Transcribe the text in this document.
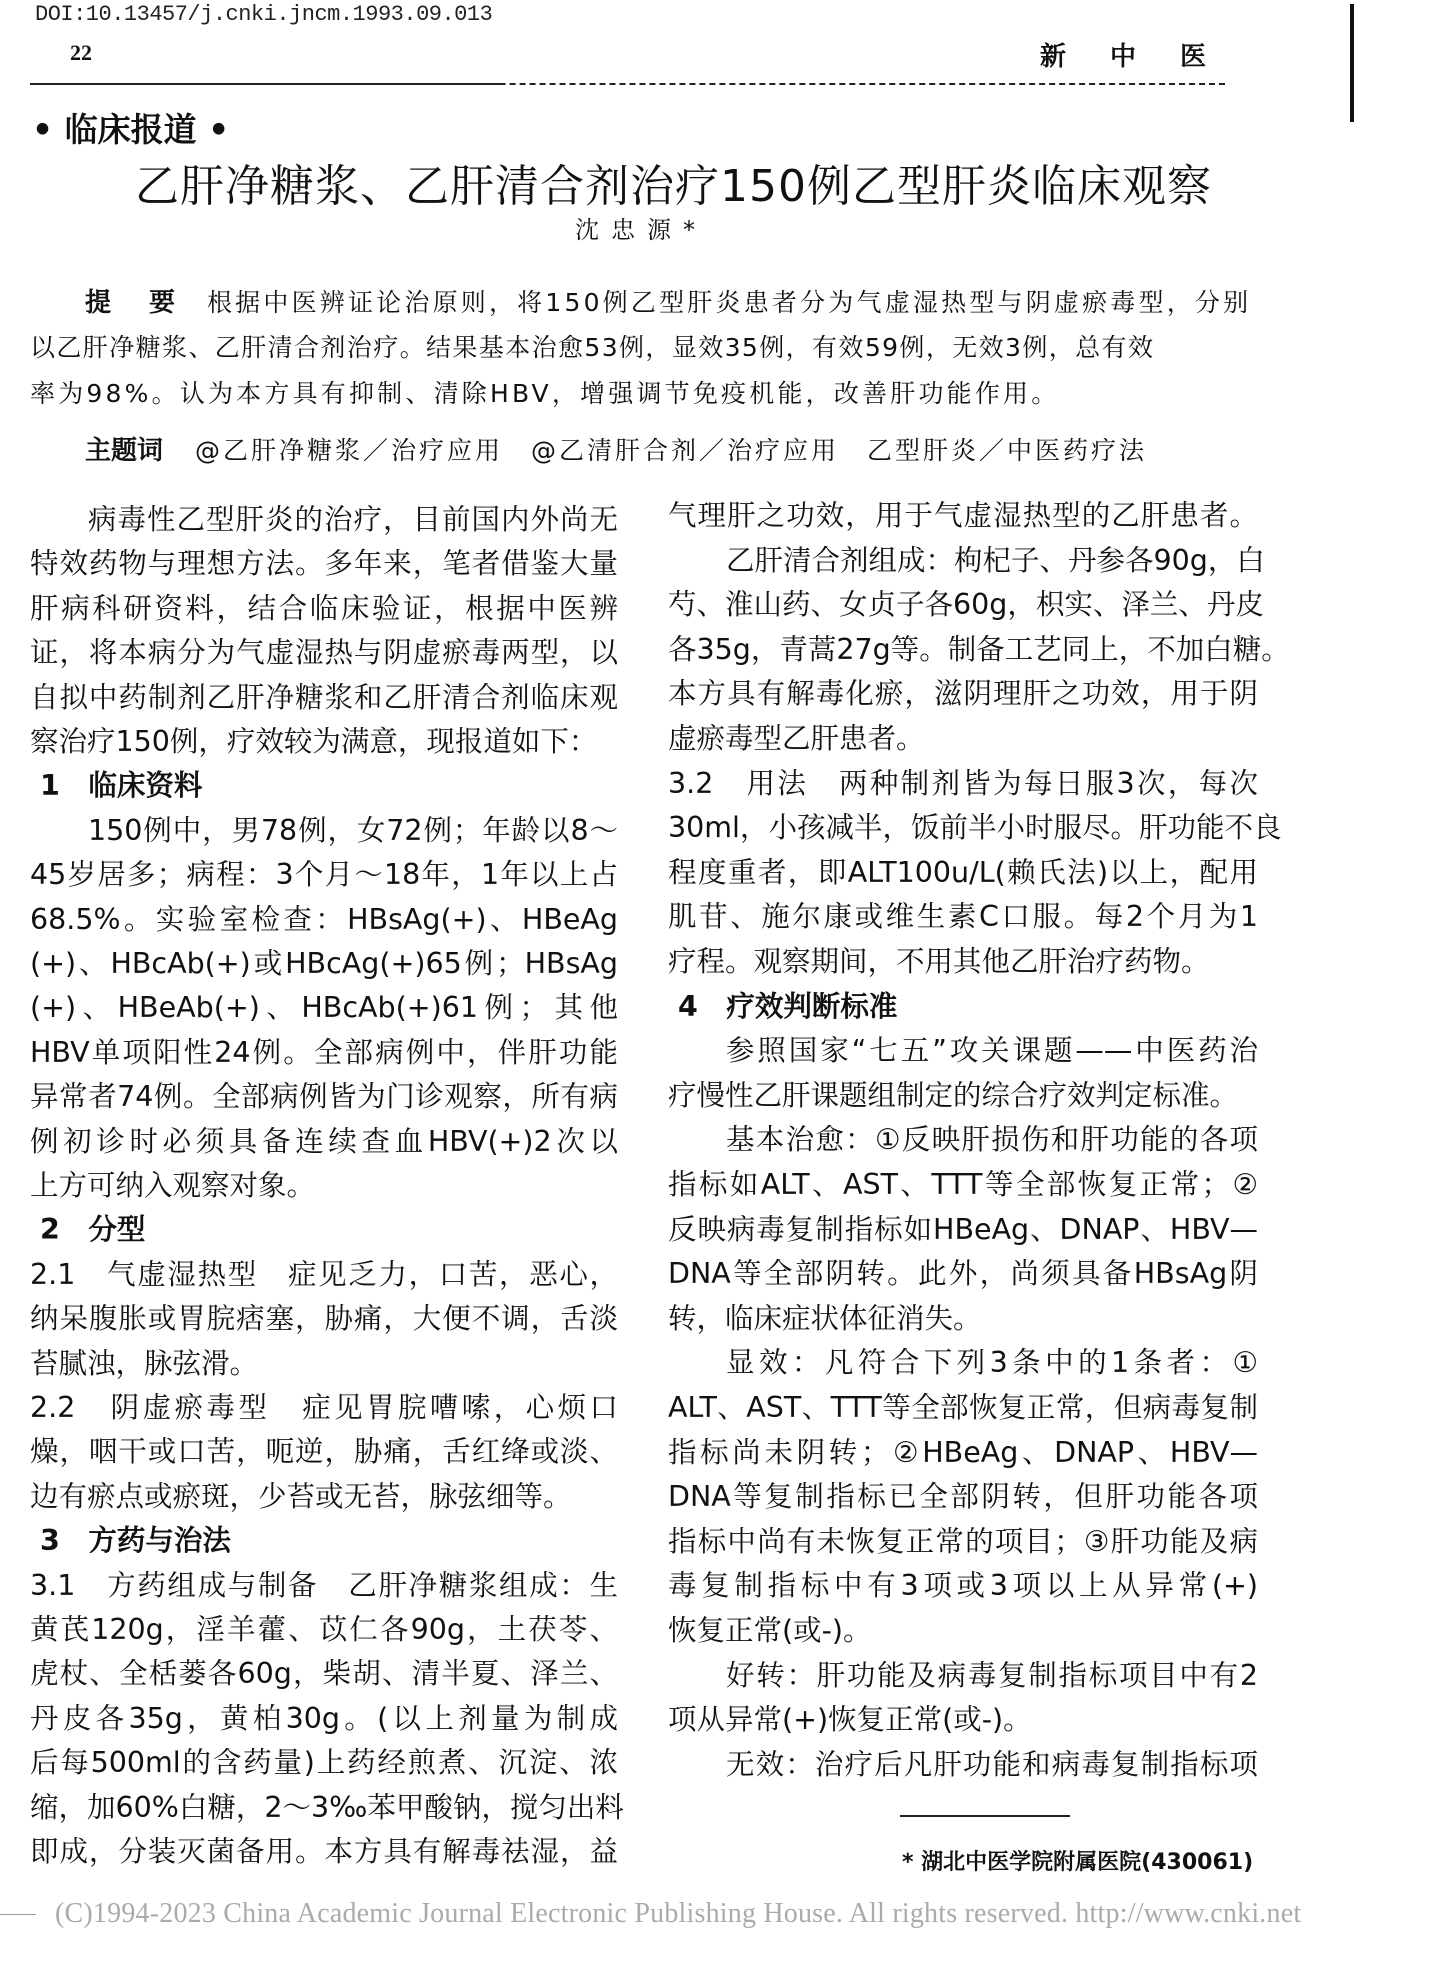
DOI:10.13457/j.cnki.jncm.1993.09.013
22	新中医
• 临床报道 •
乙肝净糖浆、乙肝清合剂治疗150例乙型肝炎临床观察
沈忠源*
提　要 根据中医辨证论治原则，将150例乙型肝炎患者分为气虚湿热型与阴虚瘀毒型，分别
以乙肝净糖浆、乙肝清合剂治疗。结果基本治愈53例，显效35例，有效59例，无效3例，总有效
率为98%。认为本方具有抑制、清除HBV，增强调节免疫机能，改善肝功能作用。
主题词 @乙肝净糖浆／治疗应用　@乙清肝合剂／治疗应用　乙型肝炎／中医药疗法
病毒性乙型肝炎的治疗，目前国内外尚无
特效药物与理想方法。多年来，笔者借鉴大量
肝病科研资料，结合临床验证，根据中医辨
证，将本病分为气虚湿热与阴虚瘀毒两型，以
自拟中药制剂乙肝净糖浆和乙肝清合剂临床观
察治疗150例，疗效较为满意，现报道如下：
1　临床资料
150例中，男78例，女72例；年龄以8～
45岁居多；病程：3个月～18年，1年以上占
68.5%。实验室检查：HBsAg(+)、HBeAg
(+)、HBcAb(+)或HBcAg(+)65例；HBsAg
(+)、HBeAb(+)、HBcAb(+)61例；其他
HBV单项阳性24例。全部病例中，伴肝功能
异常者74例。全部病例皆为门诊观察，所有病
例初诊时必须具备连续查血HBV(+)2次以
上方可纳入观察对象。
2　分型
2.1　气虚湿热型　症见乏力，口苦，恶心，
纳呆腹胀或胃脘痞塞，胁痛，大便不调，舌淡
苔腻浊，脉弦滑。
2.2　阴虚瘀毒型　症见胃脘嘈嗦，心烦口
燥，咽干或口苦，呃逆，胁痛，舌红绛或淡、
边有瘀点或瘀斑，少苔或无苔，脉弦细等。
3　方药与治法
3.1　方药组成与制备　乙肝净糖浆组成：生
黄芪120g，淫羊藿、苡仁各90g，土茯苓、
虎杖、全栝蒌各60g，柴胡、清半夏、泽兰、
丹皮各35g，黄柏30g。(以上剂量为制成
后每500ml的含药量)上药经煎煮、沉淀、浓
缩，加60%白糖，2～3‰苯甲酸钠，搅匀出料
即成，分装灭菌备用。本方具有解毒祛湿，益
气理肝之功效，用于气虚湿热型的乙肝患者。
乙肝清合剂组成：枸杞子、丹参各90g，白
芍、淮山药、女贞子各60g，枳实、泽兰、丹皮
各35g，青蒿27g等。制备工艺同上，不加白糖。
本方具有解毒化瘀，滋阴理肝之功效，用于阴
虚瘀毒型乙肝患者。
3.2　用法　两种制剂皆为每日服3次，每次
30ml，小孩减半，饭前半小时服尽。肝功能不良
程度重者，即ALT100u/L(赖氏法)以上，配用
肌苷、施尔康或维生素C口服。每2个月为1
疗程。观察期间，不用其他乙肝治疗药物。
4　疗效判断标准
参照国家“七五”攻关课题——中医药治
疗慢性乙肝课题组制定的综合疗效判定标准。
基本治愈：①反映肝损伤和肝功能的各项
指标如ALT、AST、TTT等全部恢复正常；②
反映病毒复制指标如HBeAg、DNAP、HBV—
DNA等全部阴转。此外，尚须具备HBsAg阴
转，临床症状体征消失。
显效：凡符合下列3条中的1条者：①
ALT、AST、TTT等全部恢复正常，但病毒复制
指标尚未阴转；②HBeAg、DNAP、HBV—
DNA等复制指标已全部阴转，但肝功能各项
指标中尚有未恢复正常的项目；③肝功能及病
毒复制指标中有3项或3项以上从异常(+)
恢复正常(或-)。
好转：肝功能及病毒复制指标项目中有2
项从异常(+)恢复正常(或-)。
无效：治疗后凡肝功能和病毒复制指标项
* 湖北中医学院附属医院(430061)
(C)1994-2023 China Academic Journal Electronic Publishing House. All rights reserved. http://www.cnki.net
